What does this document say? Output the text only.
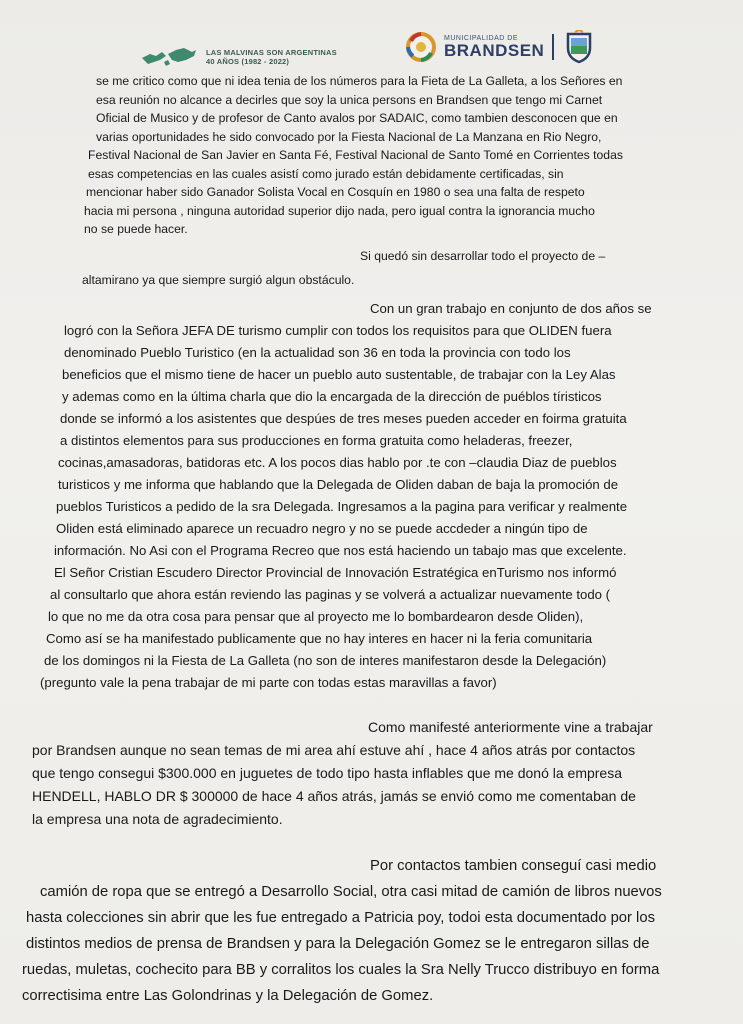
LAS MALVINAS SON ARGENTINAS
40 AÑOS (1982 - 2022)
MUNICIPALIDAD DE
BRANDSEN
se me critico como que ni idea tenia de los números para la Fieta de La Galleta, a los Señores en
esa reunión no alcance a decirles que soy la unica persons en Brandsen que tengo mi Carnet
Oficial de Musico y de profesor de Canto avalos por SADAIC, como tambien desconocen que en
varias oportunidades he sido convocado por la Fiesta Nacional de La Manzana en Rio Negro,
Festival Nacional de San Javier en Santa Fé, Festival Nacional de Santo Tomé en Corrientes todas
esas competencias en las cuales asistí como jurado están debidamente certificadas, sin
mencionar haber sido Ganador Solista Vocal en Cosquín en 1980 o sea una falta de respeto
hacia mi persona , ninguna autoridad superior dijo nada, pero igual contra la ignorancia mucho
no se puede hacer.
Si quedó sin desarrollar todo el proyecto de –
altamirano ya que siempre surgió algun obstáculo.
Con un gran trabajo en conjunto de dos años se
logró con la Señora JEFA DE turismo cumplir con todos los requisitos para que OLIDEN fuera
denominado Pueblo Turistico (en la actualidad son 36 en toda la provincia con todo los
beneficios que el mismo tiene de hacer un pueblo auto sustentable, de trabajar con la Ley Alas
y ademas como en la última charla que dio la encargada de la dirección de puéblos tíristicos
donde se informó a los asistentes que despúes de tres meses pueden acceder en foirma gratuita
a distintos elementos para sus producciones en forma gratuita como heladeras, freezer,
cocinas,amasadoras, batidoras etc. A los pocos dias hablo por .te con –claudia Diaz de pueblos
turisticos y me informa que hablando que la Delegada de Oliden daban de baja la promoción de
pueblos Turisticos a pedido de la sra Delegada. Ingresamos a la pagina para verificar y realmente
Oliden está eliminado aparece un recuadro negro y no se puede accdeder a ningún tipo de
información. No Asi con el Programa Recreo que nos está haciendo un tabajo mas que excelente.
El Señor Cristian Escudero Director Provincial de Innovación Estratégica enTurismo nos informó
al consultarlo que ahora están reviendo las paginas y se volverá a actualizar nuevamente todo (
lo que no me da otra cosa para pensar que al proyecto me lo bombardearon desde Oliden),
Como así se ha manifestado publicamente que no hay interes en hacer ni la feria comunitaria
de los domingos ni la Fiesta de La Galleta (no son de interes manifestaron desde la Delegación)
(pregunto vale la pena trabajar de mi parte con todas estas maravillas a favor)
Como manifesté anteriormente vine a trabajar
por Brandsen aunque no sean temas de mi area ahí estuve ahí , hace 4 años atrás por contactos
que tengo consegui $300.000 en juguetes de todo tipo hasta inflables que me donó la empresa
HENDELL, HABLO DR $ 300000 de hace 4 años atrás, jamás se envió como me comentaban de
la empresa una nota de agradecimiento.
Por contactos tambien conseguí casi medio
camión de ropa que se entregó a Desarrollo Social, otra casi mitad de camión de libros nuevos
hasta colecciones sin abrir que les fue entregado a Patricia poy, todoi esta documentado por los
distintos medios de prensa de Brandsen y para la Delegación Gomez se le entregaron sillas de
ruedas, muletas, cochecito para BB y corralitos los cuales la Sra Nelly Trucco distribuyo en forma
correctisima entre Las Golondrinas y la Delegación de Gomez.
